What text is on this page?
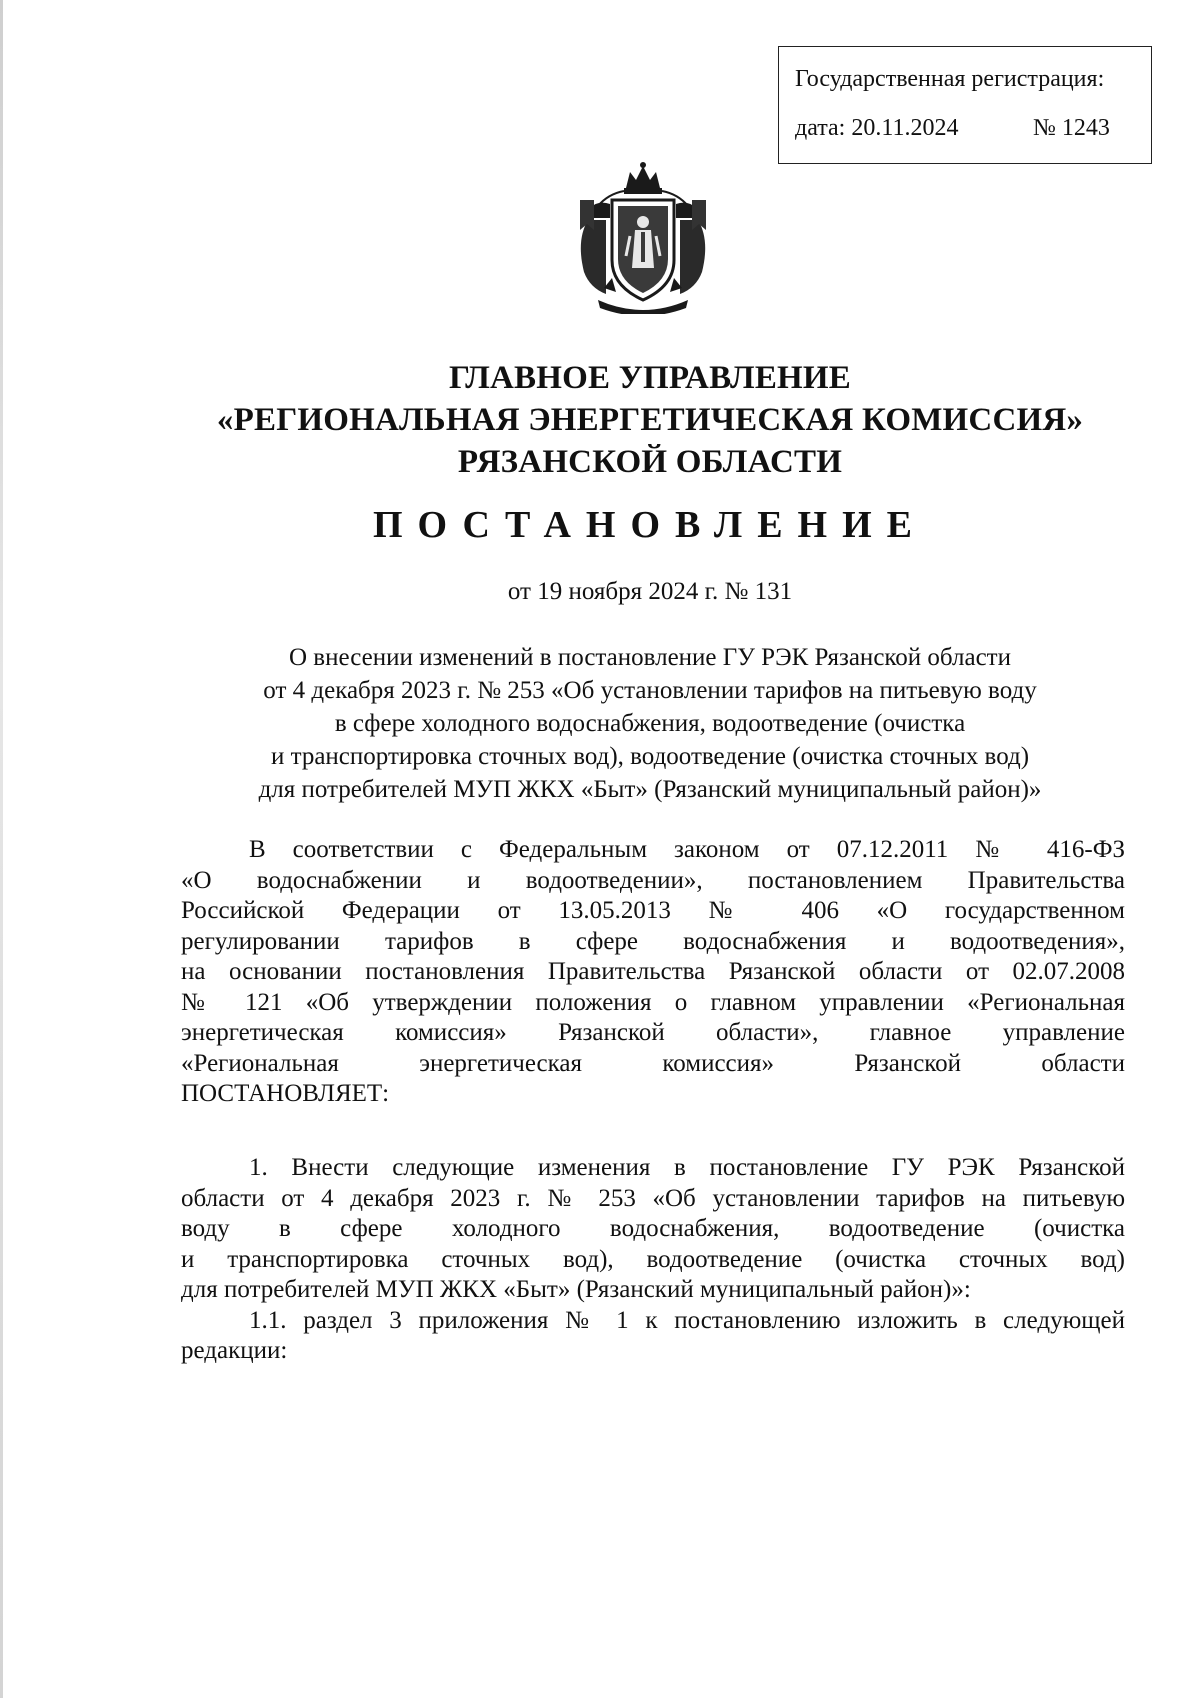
Государственная регистрация:
дата: 20.11.2024	№ 1243
ГЛАВНОЕ УПРАВЛЕНИЕ
«РЕГИОНАЛЬНАЯ ЭНЕРГЕТИЧЕСКАЯ КОМИССИЯ»
РЯЗАНСКОЙ ОБЛАСТИ
ПОСТАНОВЛЕНИЕ
от 19 ноября 2024 г. № 131
О внесении изменений в постановление ГУ РЭК Рязанской области
от 4 декабря 2023 г. № 253 «Об установлении тарифов на питьевую воду
в сфере холодного водоснабжения, водоотведение (очистка
и транспортировка сточных вод), водоотведение (очистка сточных вод)
для потребителей МУП ЖКХ «Быт» (Рязанский муниципальный район)»
В соответствии с Федеральным законом от 07.12.2011 № 416-ФЗ
«О водоснабжении и водоотведении», постановлением Правительства
Российской Федерации от 13.05.2013 № 406 «О государственном
регулировании тарифов в сфере водоснабжения и водоотведения»,
на основании постановления Правительства Рязанской области от 02.07.2008
№ 121 «Об утверждении положения о главном управлении «Региональная
энергетическая комиссия» Рязанской области», главное управление
«Региональная энергетическая комиссия» Рязанской области
ПОСТАНОВЛЯЕТ:
1. Внести следующие изменения в постановление ГУ РЭК Рязанской
области от 4 декабря 2023 г. № 253 «Об установлении тарифов на питьевую
воду в сфере холодного водоснабжения, водоотведение (очистка
и транспортировка сточных вод), водоотведение (очистка сточных вод)
для потребителей МУП ЖКХ «Быт» (Рязанский муниципальный район)»:
1.1. раздел 3 приложения № 1 к постановлению изложить в следующей
редакции:
